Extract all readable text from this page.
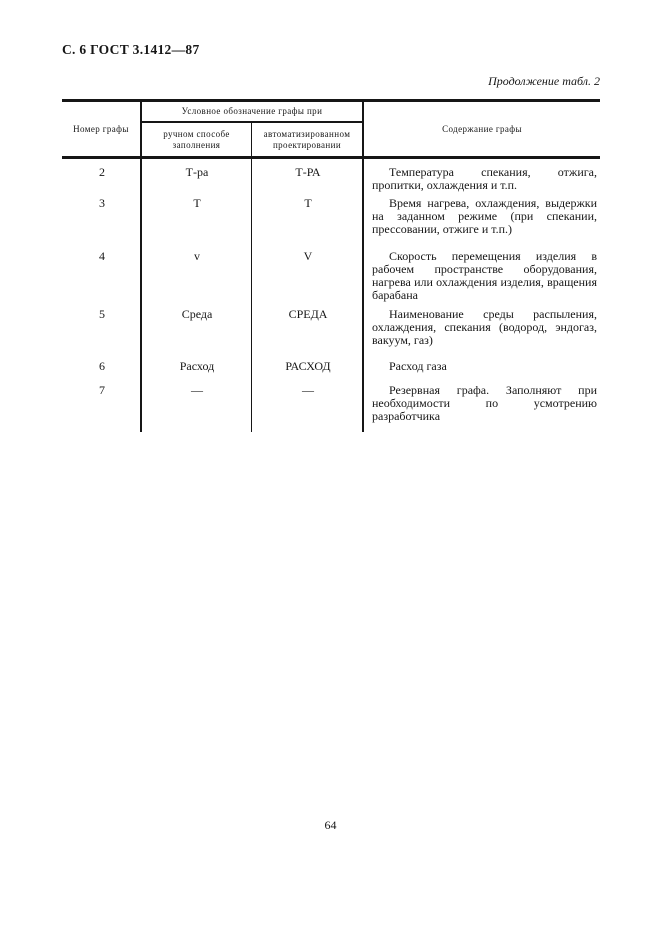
С. 6 ГОСТ 3.1412—87
Продолжение табл. 2
Номер графы
Условное обозначение графы при
ручном способе заполнения
автоматизированном проектировании
Содержание графы
2	Т-ра	Т-РА	Температура спекания, отжига, пропитки, охлаждения и т.п.
3	Т	Т	Время нагрева, охлаждения, выдержки на заданном режиме (при спекании, прессовании, отжиге и т.п.)
4	v	V	Скорость перемещения изделия в рабочем пространстве оборудования, нагрева или охлаждения изделия, вращения барабана
5	Среда	СРЕДА	Наименование среды распыления, охлаждения, спекания (водород, эндогаз, вакуум, газ)
6	Расход	РАСХОД	Расход газа
7	—	—	Резервная графа. Заполняют при необходимости по усмотрению разработчика
64
